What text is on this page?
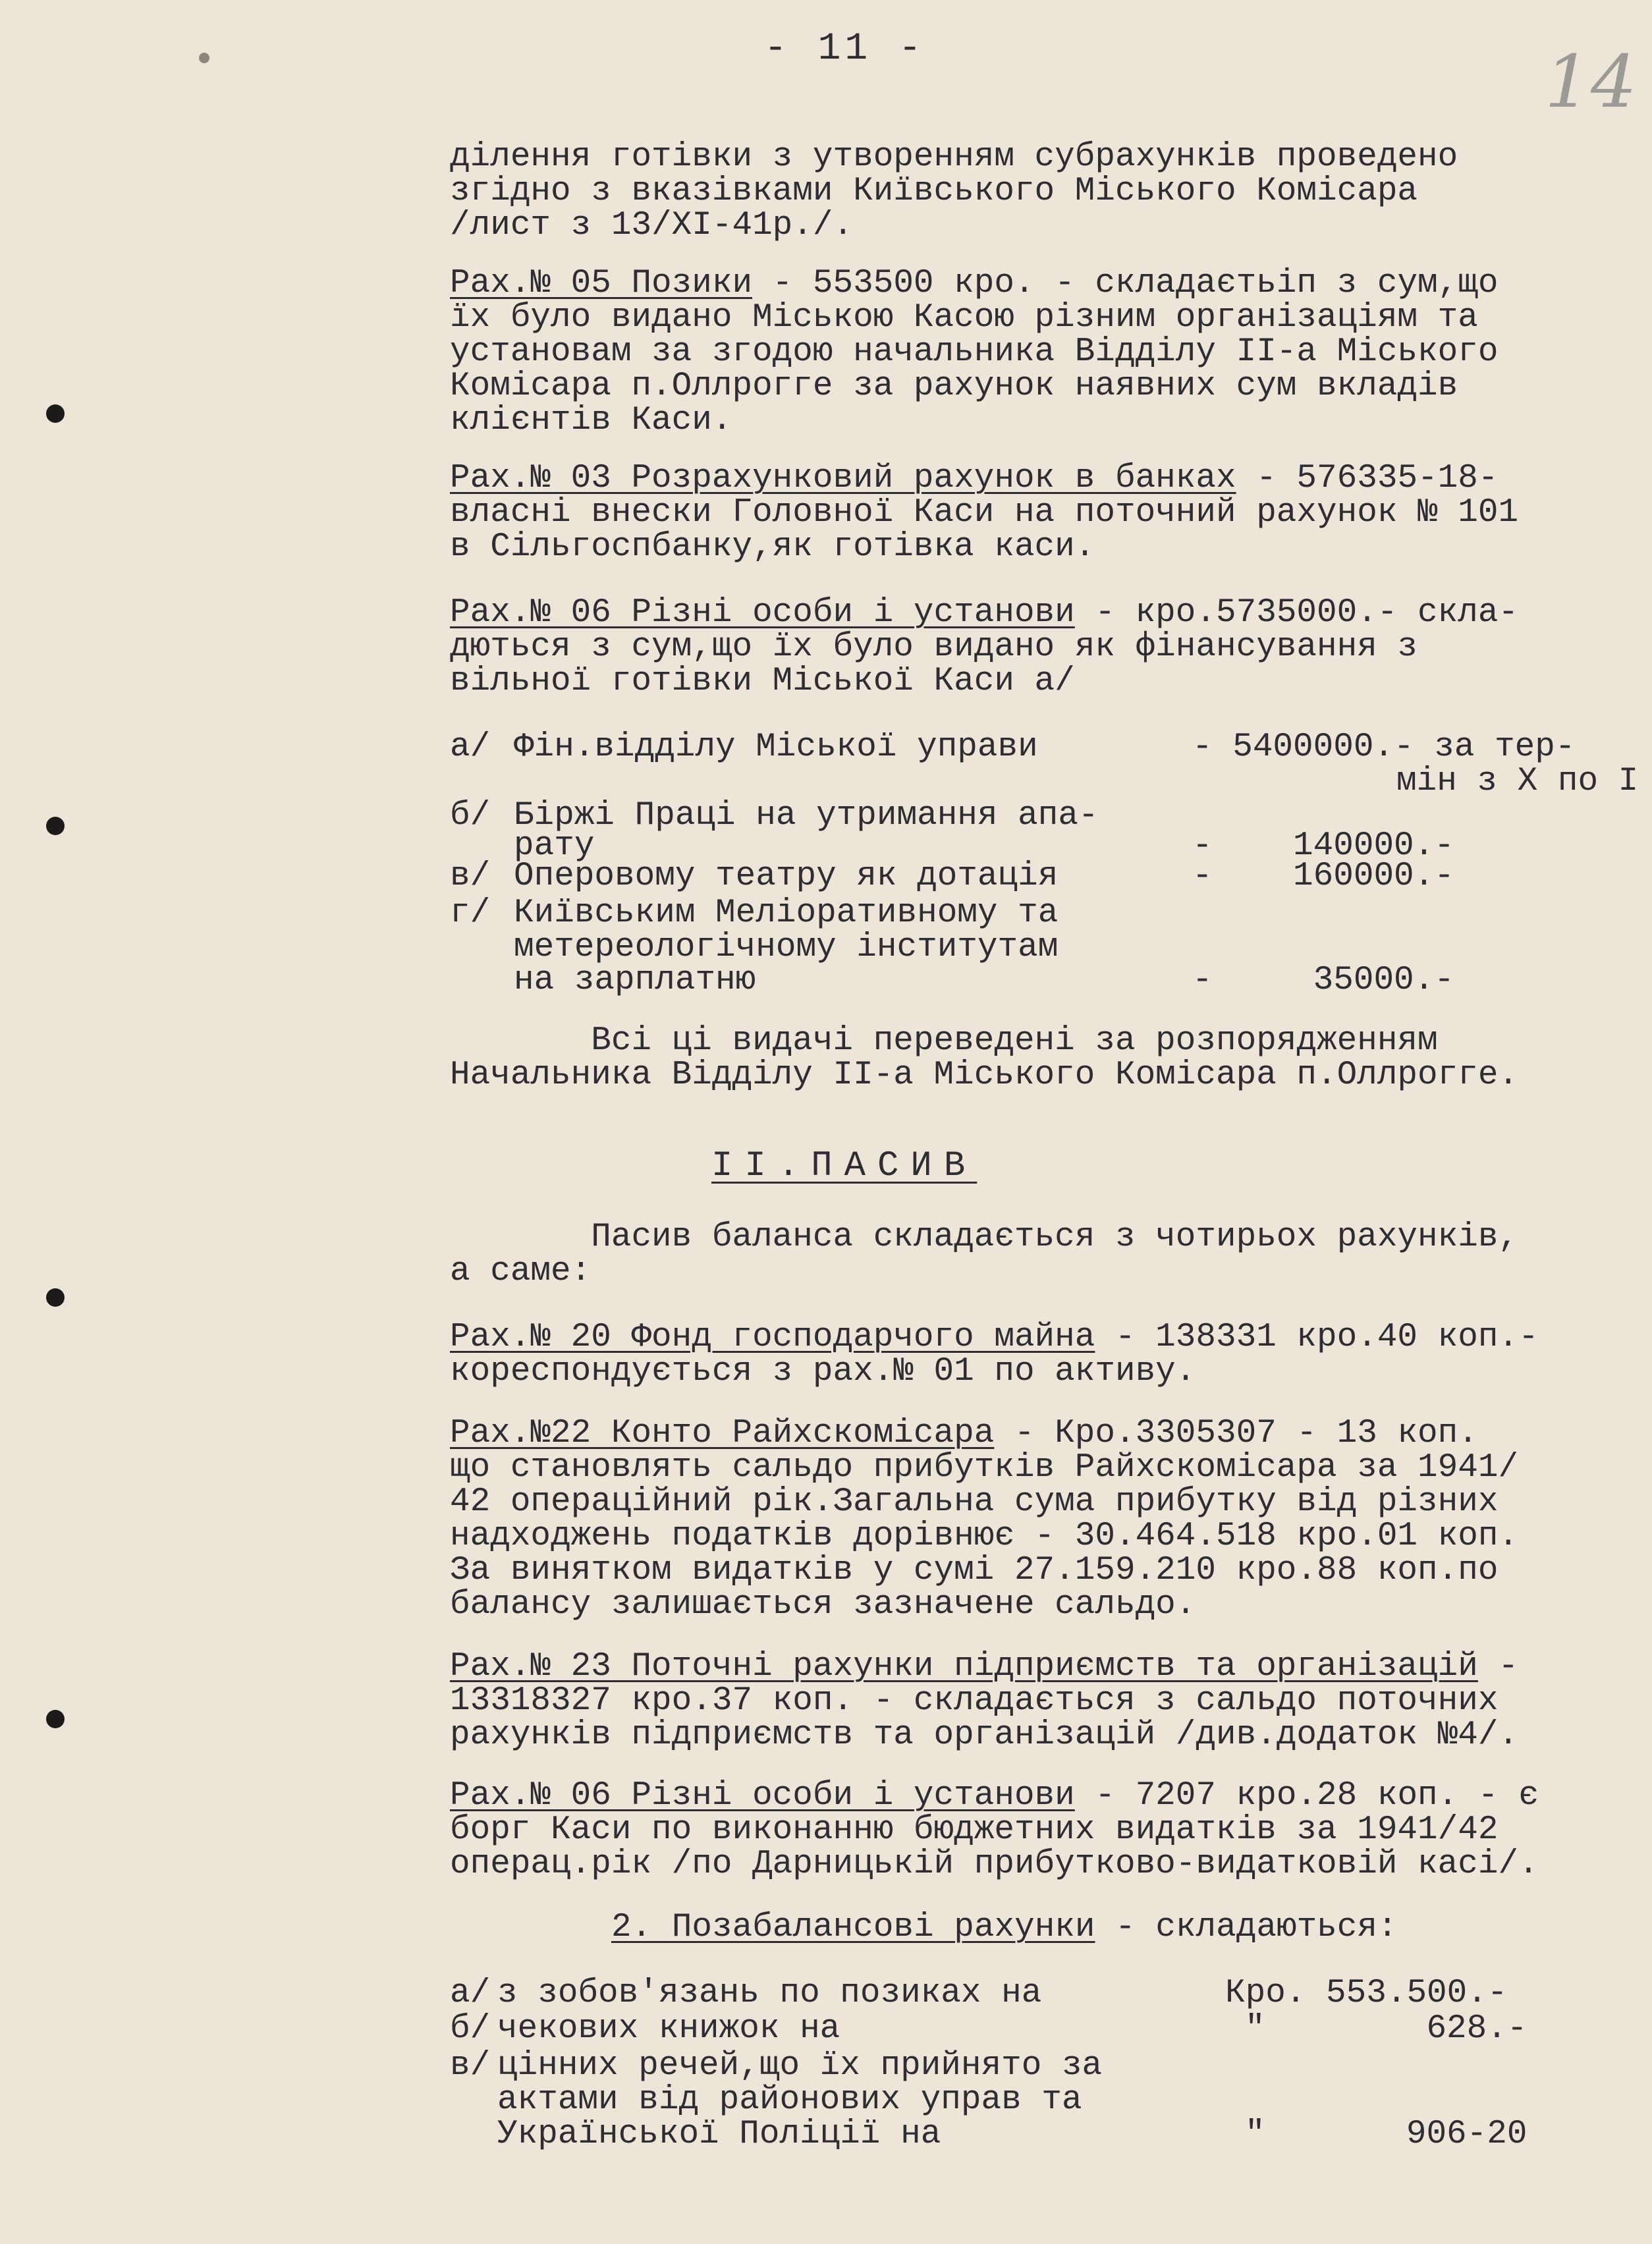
- 11 -	14
ділення готівки з утворенням субрахунків проведено
згідно з вказівками Київського Міського Комісара
/лист з 13/XI-41р./.
Рах.№ 05 Позики - 553500 кро. - складаєтьіп з сум,що
їх було видано Міською Касою різним організаціям та
установам за згодою начальника Відділу II-а Міського
Комісара п.Оллрогге за рахунок наявних сум вкладів
клієнтів Каси.
Рах.№ 03 Розрахунковий рахунок в банках - 576335-18-
власні внески Головної Каси на поточний рахунок № 101
в Сільгоспбанку,як готівка каси.
Рах.№ 06 Різні особи і установи - кро.5735000.- скла-
дються з сум,що їх було видано як фінансування з
вільної готівки Міської Каси а/
а/ Фін.відділу Міської управи	- 5400000.- за тер-
мін з X по I
б/ Біржі Праці на утримання апа-
рату	-    140000.-
в/ Оперовому театру як дотація	-    160000.-
г/ Київським Меліоративному та
метереологічному інститутам
на зарплатню	-     35000.-
Всі ці видачі переведені за розпорядженням
Начальника Відділу II-а Міського Комісара п.Оллрогге.
II.ПАСИВ
Пасив баланса складається з чотирьох рахунків,
а саме:
Рах.№ 20 Фонд господарчого майна - 138331 кро.40 коп.-
кореспондується з рах.№ 01 по активу.
Рах.№22 Конто Райхскомісара - Кро.3305307 - 13 коп.
що становлять сальдо прибутків Райхскомісара за 1941/
42 операційний рік.Загальна сума прибутку від різних
надходжень податків дорівнює - 30.464.518 кро.01 коп.
За винятком видатків у сумі 27.159.210 кро.88 коп.по
балансу залишається зазначене сальдо.
Рах.№ 23 Поточні рахунки підприємств та організацій -
13318327 кро.37 коп. - складається з сальдо поточних
рахунків підприємств та організацій /див.додаток №4/.
Рах.№ 06 Різні особи і установи - 7207 кро.28 коп. - є
борг Каси по виконанню бюджетних видатків за 1941/42
операц.рік /по Дарницькій прибутково-видатковій касі/.
2. Позабалансові рахунки - складаються:
а/ з зобов'язань по позиках на	Кро. 553.500.-
б/ чекових книжок на	"        628.-
в/ цінних речей,що їх прийнято за
актами від районових управ та
Української Поліції на	"       906-20
